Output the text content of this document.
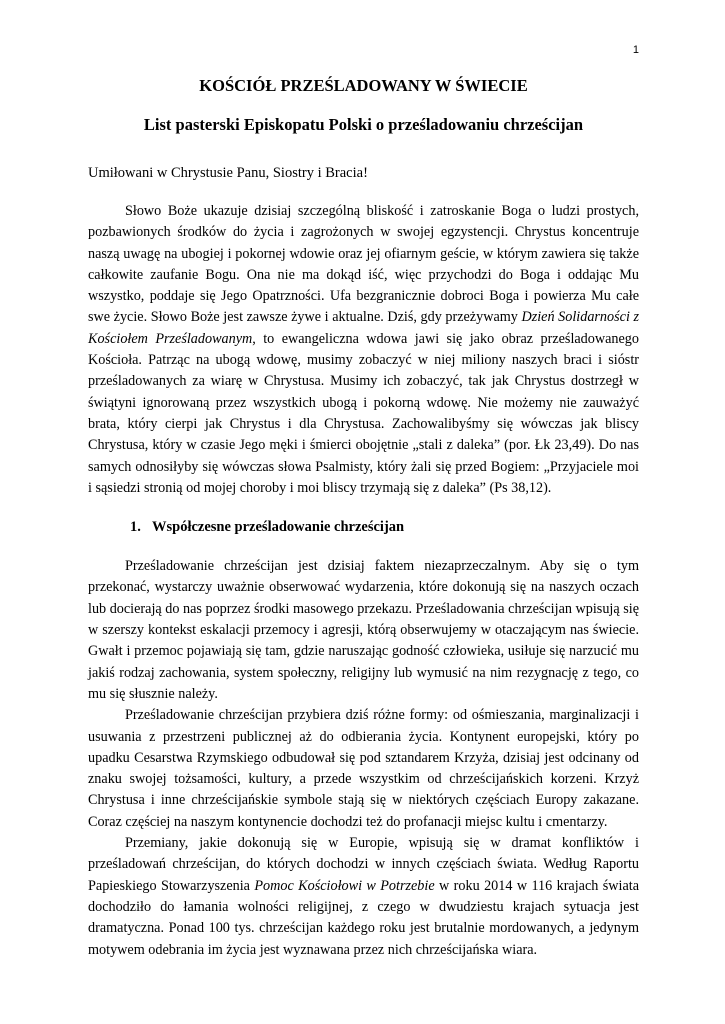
1
KOŚCIÓŁ PRZEŚLADOWANY W ŚWIECIE
List pasterski Episkopatu Polski o prześladowaniu chrześcijan

Umiłowani w Chrystusie Panu, Siostry i Bracia!

Słowo Boże ukazuje dzisiaj szczególną bliskość i zatroskanie Boga o ludzi prostych, pozbawionych środków do życia i zagrożonych w swojej egzystencji. Chrystus koncentruje naszą uwagę na ubogiej i pokornej wdowie oraz jej ofiarnym geście, w którym zawiera się także całkowite zaufanie Bogu. Ona nie ma dokąd iść, więc przychodzi do Boga i oddając Mu wszystko, poddaje się Jego Opatrzności. Ufa bezgranicznie dobroci Boga i powierza Mu całe swe życie. Słowo Boże jest zawsze żywe i aktualne. Dziś, gdy przeżywamy Dzień Solidarności z Kościołem Prześladowanym, to ewangeliczna wdowa jawi się jako obraz prześladowanego Kościoła. Patrząc na ubogą wdowę, musimy zobaczyć w niej miliony naszych braci i sióstr prześladowanych za wiarę w Chrystusa. Musimy ich zobaczyć, tak jak Chrystus dostrzegł w świątyni ignorowaną przez wszystkich ubogą i pokorną wdowę. Nie możemy nie zauważyć brata, który cierpi jak Chrystus i dla Chrystusa. Zachowalibyśmy się wówczas jak bliscy Chrystusa, który w czasie Jego męki i śmierci obojętnie „stali z daleka” (por. Łk 23,49). Do nas samych odnosiłyby się wówczas słowa Psalmisty, który żali się przed Bogiem: „Przyjaciele moi i sąsiedzi stronią od mojej choroby i moi bliscy trzymają się z daleka” (Ps 38,12).

1. Współczesne prześladowanie chrześcijan

Prześladowanie chrześcijan jest dzisiaj faktem niezaprzeczalnym. Aby się o tym przekonać, wystarczy uważnie obserwować wydarzenia, które dokonują się na naszych oczach lub docierają do nas poprzez środki masowego przekazu. Prześladowania chrześcijan wpisują się w szerszy kontekst eskalacji przemocy i agresji, którą obserwujemy w otaczającym nas świecie. Gwałt i przemoc pojawiają się tam, gdzie naruszając godność człowieka, usiłuje się narzucić mu jakiś rodzaj zachowania, system społeczny, religijny lub wymusić na nim rezygnację z tego, co mu się słusznie należy.

Prześladowanie chrześcijan przybiera dziś różne formy: od ośmieszania, marginalizacji i usuwania z przestrzeni publicznej aż do odbierania życia. Kontynent europejski, który po upadku Cesarstwa Rzymskiego odbudował się pod sztandarem Krzyża, dzisiaj jest odcinany od znaku swojej tożsamości, kultury, a przede wszystkim od chrześcijańskich korzeni. Krzyż Chrystusa i inne chrześcijańskie symbole stają się w niektórych częściach Europy zakazane. Coraz częściej na naszym kontynencie dochodzi też do profanacji miejsc kultu i cmentarzy.

Przemiany, jakie dokonują się w Europie, wpisują się w dramat konfliktów i prześladowań chrześcijan, do których dochodzi w innych częściach świata. Według Raportu Papieskiego Stowarzyszenia Pomoc Kościołowi w Potrzebie w roku 2014 w 116 krajach świata dochodziło do łamania wolności religijnej, z czego w dwudziestu krajach sytuacja jest dramatyczna. Ponad 100 tys. chrześcijan każdego roku jest brutalnie mordowanych, a jedynym motywem odebrania im życia jest wyznawana przez nich chrześcijańska wiara.
